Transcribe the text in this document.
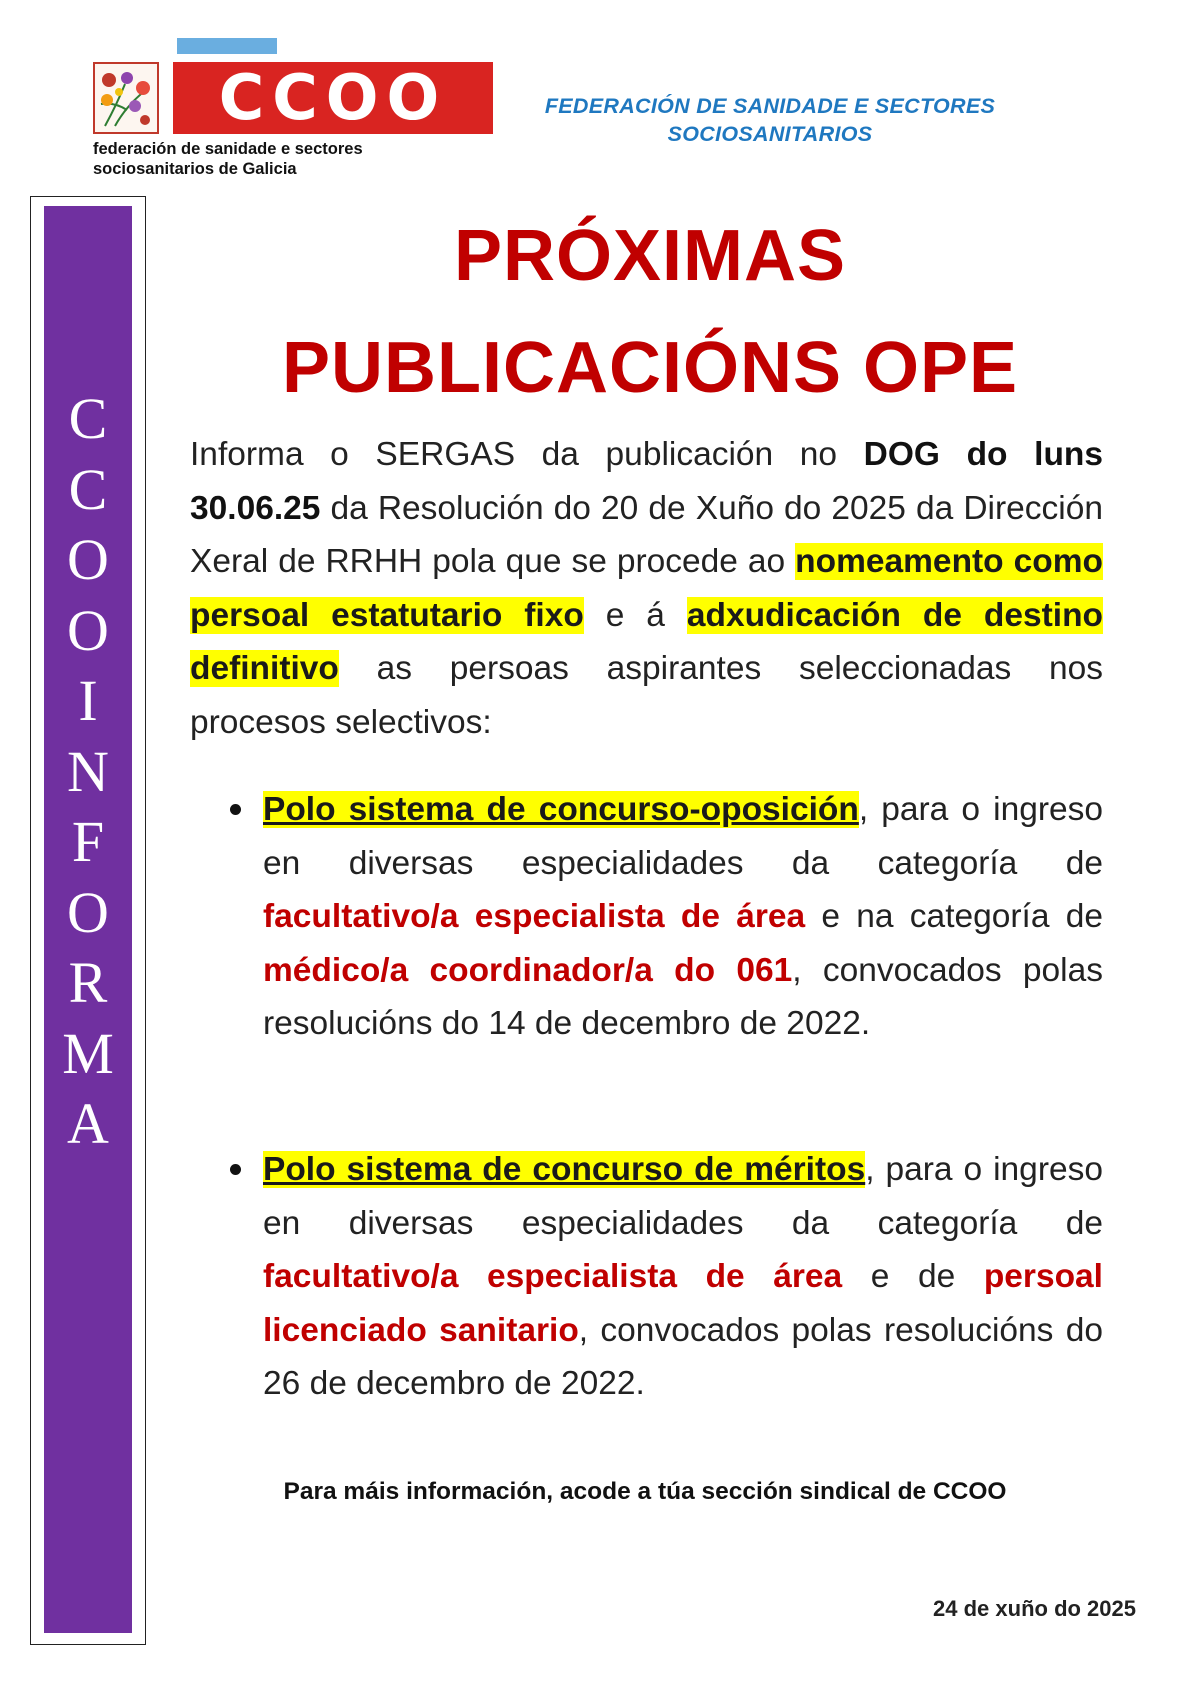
CCOO
federación de sanidade e sectores
sociosanitarios de Galicia
FEDERACIÓN DE SANIDADE E SECTORES
SOCIOSANITARIOS
C
C
O
O
I
N
F
O
R
M
A
PRÓXIMAS
PUBLICACIÓNS OPE
Informa o SERGAS da publicación no DOG do luns 30.06.25 da Resolución do 20 de Xuño do 2025 da Dirección Xeral de RRHH pola que se procede ao nomeamento como persoal estatutario fixo e á adxudicación de destino definitivo as persoas aspirantes seleccionadas nos procesos selectivos:
Polo sistema de concurso-oposición, para o ingreso en diversas especialidades da categoría de facultativo/a especialista de área e na categoría de médico/a coordinador/a do 061, convocados polas resolucións do 14 de decembro de 2022.
Polo sistema de concurso de méritos, para o ingreso en diversas especialidades da categoría de facultativo/a especialista de área e de persoal licenciado sanitario, convocados polas resolucións do 26 de decembro de 2022.
Para máis información, acode a túa sección sindical de CCOO
24 de xuño do 2025
